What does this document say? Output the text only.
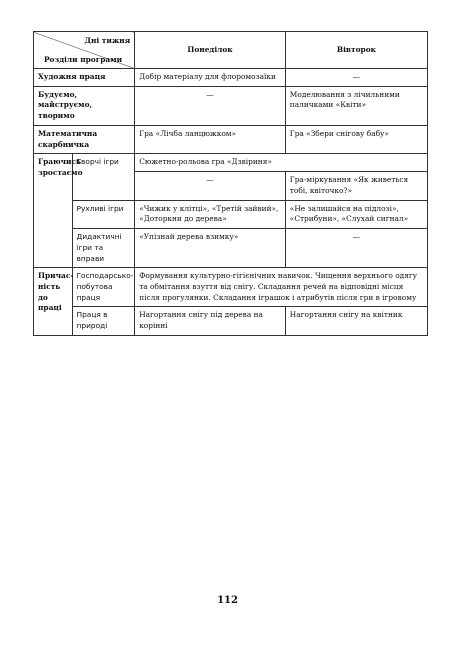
Дні тижня
Розділи програми		Понеділок	Вівторок	
Художня праця		Добір матеріалу для флоромозаїки	—	
Будуємо, майструємо, творимо		—	Моделювання з лічильними паличками «Квіти»	
Математична скарбничка		Гра «Лічба ланцюжком»	Гра «Збери снігову бабу»	
Граючись зростаємо	Творчі ігри	Сюжетно-рольова гра «Дзвіриня»		
		—	Гра-міркування «Як живеться тобі, квіточко?»	
	Рухливі ігри	«Чижик у клітці», «Третій зайвий», «Доторкни до дерева»	«Не залишайся на підлозі», «Стрибуни», «Слухай сигнал»	
	Дидактичні ігри та вправи	«Упізнай дерева взимку»	—	
Причасність до праці	Господарсько-побутова праця	Формування культурно-гігієнічних навичок. Чищення верхнього одягу та обмітання взуття від снігу. Складання речей на відповідні місця після прогулянки. Складання іграшок і атрибутів після гри в ігровому		
	Праця в природі	Нагортання снігу під дерева на корінні	Нагортання снігу на квітник	
112
